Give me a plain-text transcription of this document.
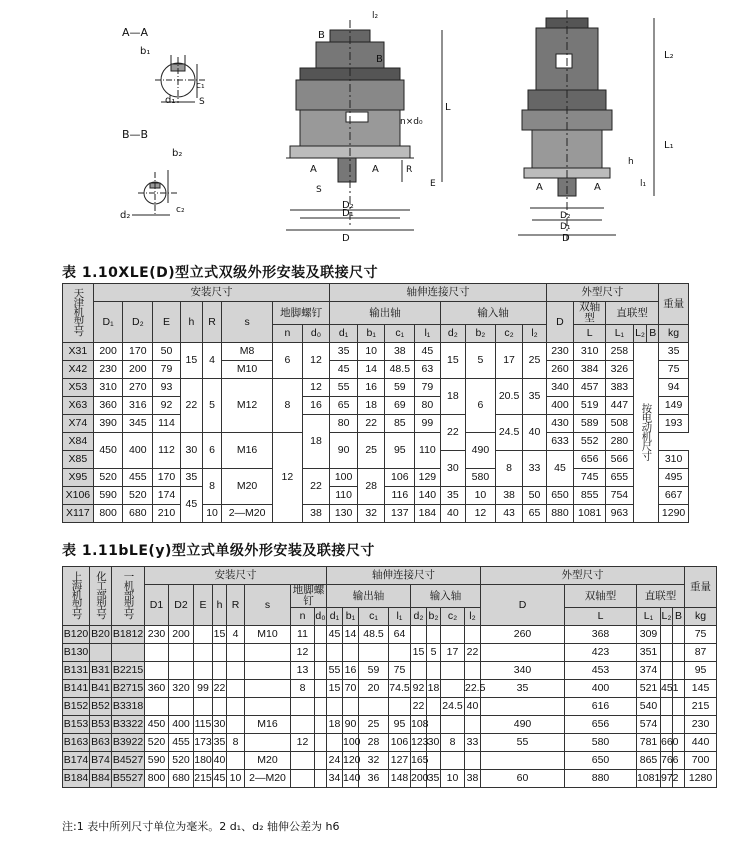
A—A
b₁
c₁
d₁	S
B—B
b₂
c₂
d₂
B
B
l₂
L
n×d₀
A	A	R
E
S
D₂
D₁
D
L₂
L₁
h
l₁
A	A
D₂
D₁
D
表 1.10XLE(D)型立式双级外形安装及联接尺寸
天津机型号	安装尺寸								轴伸连接尺寸								外型尺寸					重量
	D₁	D₂	E	h	R	s	地脚螺钉		输出轴				输入轴				D	双轴型	直联型			
							n	d₀	d₁	b₁	c₁	l₁	d₂	b₂	c₂	l₂		L	L₁	L₂	B	kg
X31	200	170	50	15	4	M8	6	12	35	10	38	45	15	5	17	25	230	310	258	按电动机尺寸		35
X42	230	200	79			M10			45	14	48.5	63					260	384	326			75
X53	310	270	93	22	5	M12	8	12	55	16	59	79	18	6	20.5	35	340	457	383			94
X63	360	316	92					16	65	18	69	80					400	519	447			149
X74	390	345	114					18	80	22	85	99	22		24.5	40	430	589	508			193
X84	450	400	112	30	6	M16	12		90	25	95	110		490			633	552	280			
X85													30		8	33	45	656	566			310
X95	520	455	170	35	8	M20		22	100	28	106	129		580				745	655			495
X106	590	520	174	45					110		116	140	35	10	38	50	650	855	754			667
X117	800	680	210		10	2—M20		38	130	32	137	184	40	12	43	65	880	1081	963			1290
表 1.11bLE(y)型立式单级外形安装及联接尺寸
上海机型号	化工部型号	一机部型号	安装尺寸								轴伸连接尺寸								外型尺寸					重量
			D1	D2	E	h	R	s	地脚螺钉		输出轴				输入轴				D	双轴型	直联型			
									n	d₀	d₁	b₁	c₁	l₁	d₂	b₂	c₂	l₂		L	L₁	L₂	B	kg
B120	B20	B1812	230	200		15	4	M10	11		45	14	48.5	64					260	368	309			75
B130									12						15	5	17	22		423	351			87
B131	B31	B2215							13		55	16	59	75					340	453	374			95
B141	B41	B2715	360	320	99	22			8		15	70	20	74.5	92	18		22.5	35	400	521	451		145
B152	B52	B3318													22		24.5	40		616	540			215
B153	B53	B3322	450	400	115	30		M16			18	90	25	95	108				490	656	574			230
B163	B63	B3922	520	455	173	35	8		12			100	28	106	123	30	8	33	55	580	781	660		440
B174	B74	B4527	590	520	180	40		M20			24	120	32	127	165					650	865	766		700
B184	B84	B5527	800	680	215	45	10	2—M20			34	140	36	148	200	35	10	38	60	880	1081	972		1280
注:1 表中所列尺寸单位为毫米。2 d₁、d₂ 轴伸公差为 h6
